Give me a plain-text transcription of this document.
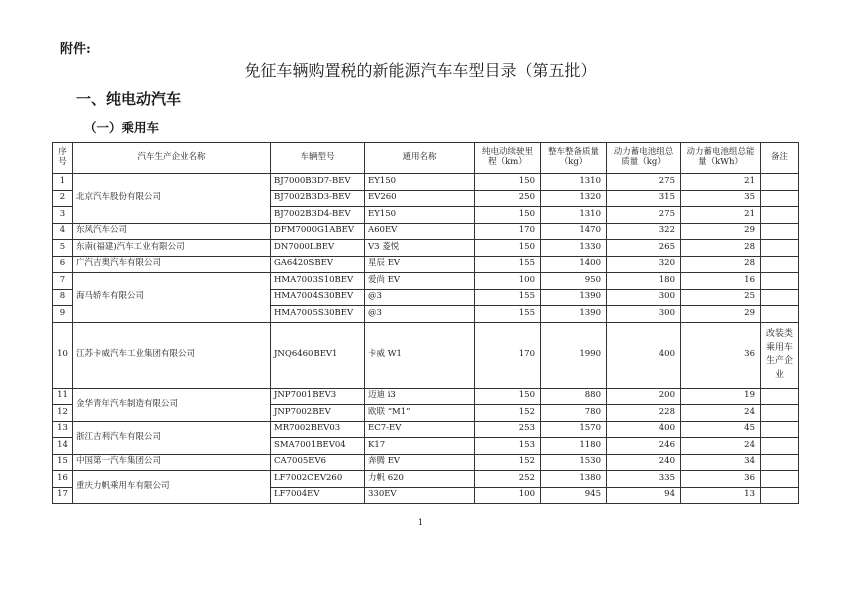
附件:
免征车辆购置税的新能源汽车车型目录（第五批）
一、纯电动汽车
（一）乘用车
序号	汽车生产企业名称	车辆型号	通用名称	纯电动续驶里程（km）	整车整备质量（kg）	动力蓄电池组总质量（kg）	动力蓄电池组总能量（kWh）	备注
1	北京汽车股份有限公司	BJ7000B3D7-BEV	EY150	150	1310	275	21	
2		BJ7002B3D3-BEV	EV260	250	1320	315	35	
3		BJ7002B3D4-BEV	EY150	150	1310	275	21	
4	东风汽车公司	DFM7000G1ABEV	A60EV	170	1470	322	29	
5	东南(福建)汽车工业有限公司	DN7000LBEV	V3 菱悦	150	1330	265	28	
6	广汽吉奥汽车有限公司	GA6420SBEV	星辰 EV	155	1400	320	28	
7	海马轿车有限公司	HMA7003S10BEV	爱尚 EV	100	950	180	16	
8		HMA7004S30BEV	@3	155	1390	300	25	
9		HMA7005S30BEV	@3	155	1390	300	29	
10	江苏卡威汽车工业集团有限公司	JNQ6460BEV1	卡威 W1	170	1990	400	36	改装类乘用车生产企业
11	金华青年汽车制造有限公司	JNP7001BEV3	迈迪 i3	150	880	200	19	
12		JNP7002BEV	欧联 “M1”	152	780	228	24	
13	浙江吉利汽车有限公司	MR7002BEV03	EC7-EV	253	1570	400	45	
14		SMA7001BEV04	K17	153	1180	246	24	
15	中国第一汽车集团公司	CA7005EV6	奔腾 EV	152	1530	240	34	
16	重庆力帆乘用车有限公司	LF7002CEV260	力帆 620	252	1380	335	36	
17		LF7004EV	330EV	100	945	94	13	
1
